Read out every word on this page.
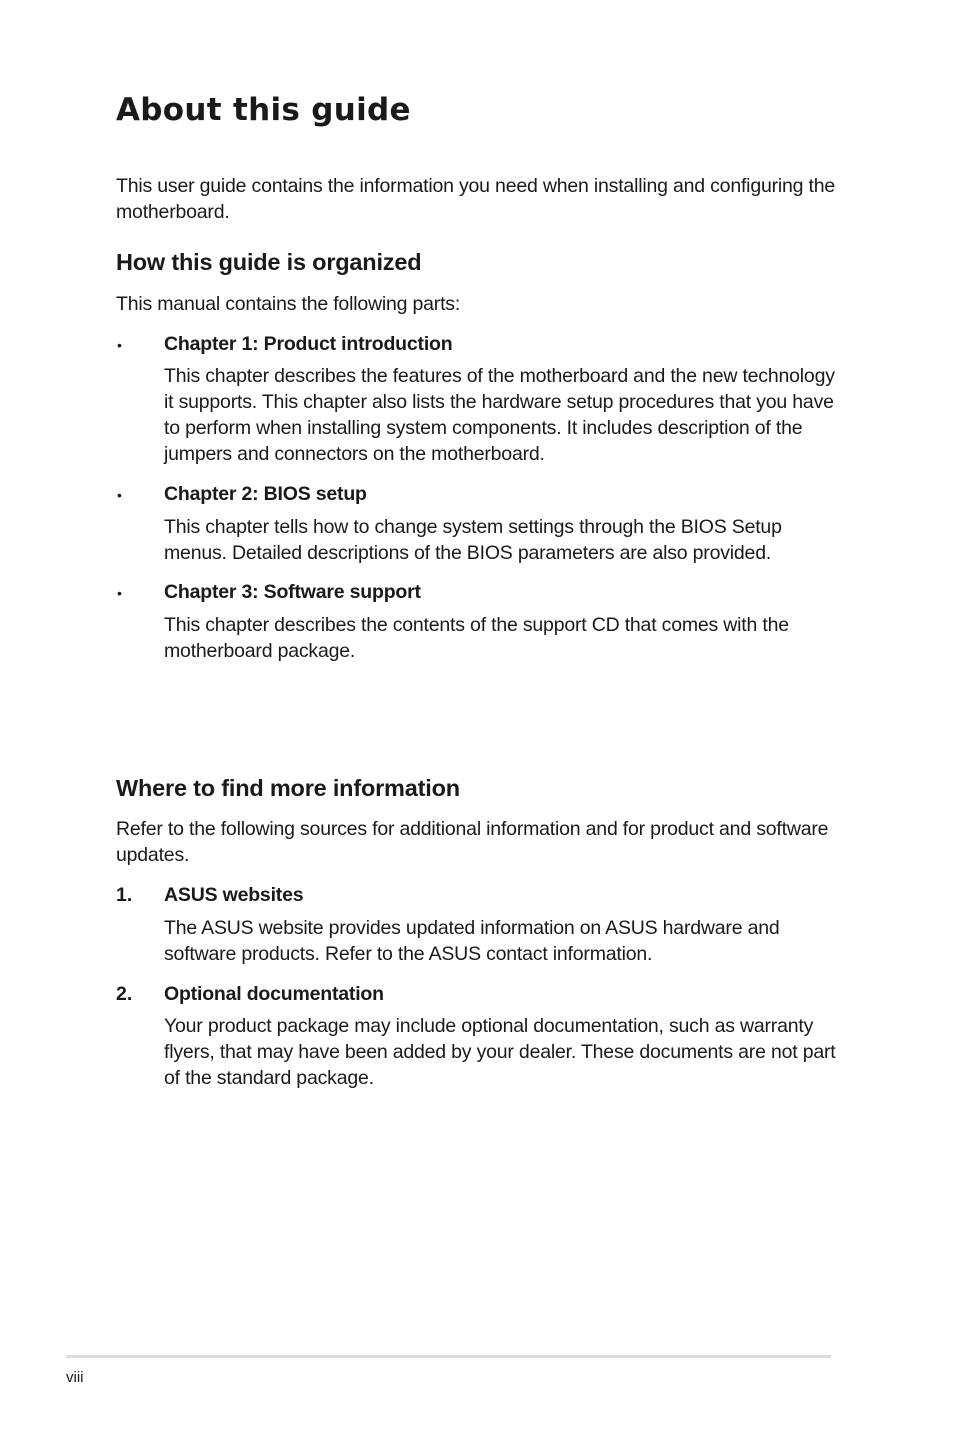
About this guide

This user guide contains the information you need when installing and configuring the motherboard.

How this guide is organized

This manual contains the following parts:

• Chapter 1: Product introduction

This chapter describes the features of the motherboard and the new technology it supports. This chapter also lists the hardware setup procedures that you have to perform when installing system components. It includes description of the jumpers and connectors on the motherboard.

• Chapter 2: BIOS setup

This chapter tells how to change system settings through the BIOS Setup menus. Detailed descriptions of the BIOS parameters are also provided.

• Chapter 3: Software support

This chapter describes the contents of the support CD that comes with the motherboard package.

Where to find more information

Refer to the following sources for additional information and for product and software updates.

1. ASUS websites

The ASUS website provides updated information on ASUS hardware and software products. Refer to the ASUS contact information.

2. Optional documentation

Your product package may include optional documentation, such as warranty flyers, that may have been added by your dealer. These documents are not part of the standard package.

viii
